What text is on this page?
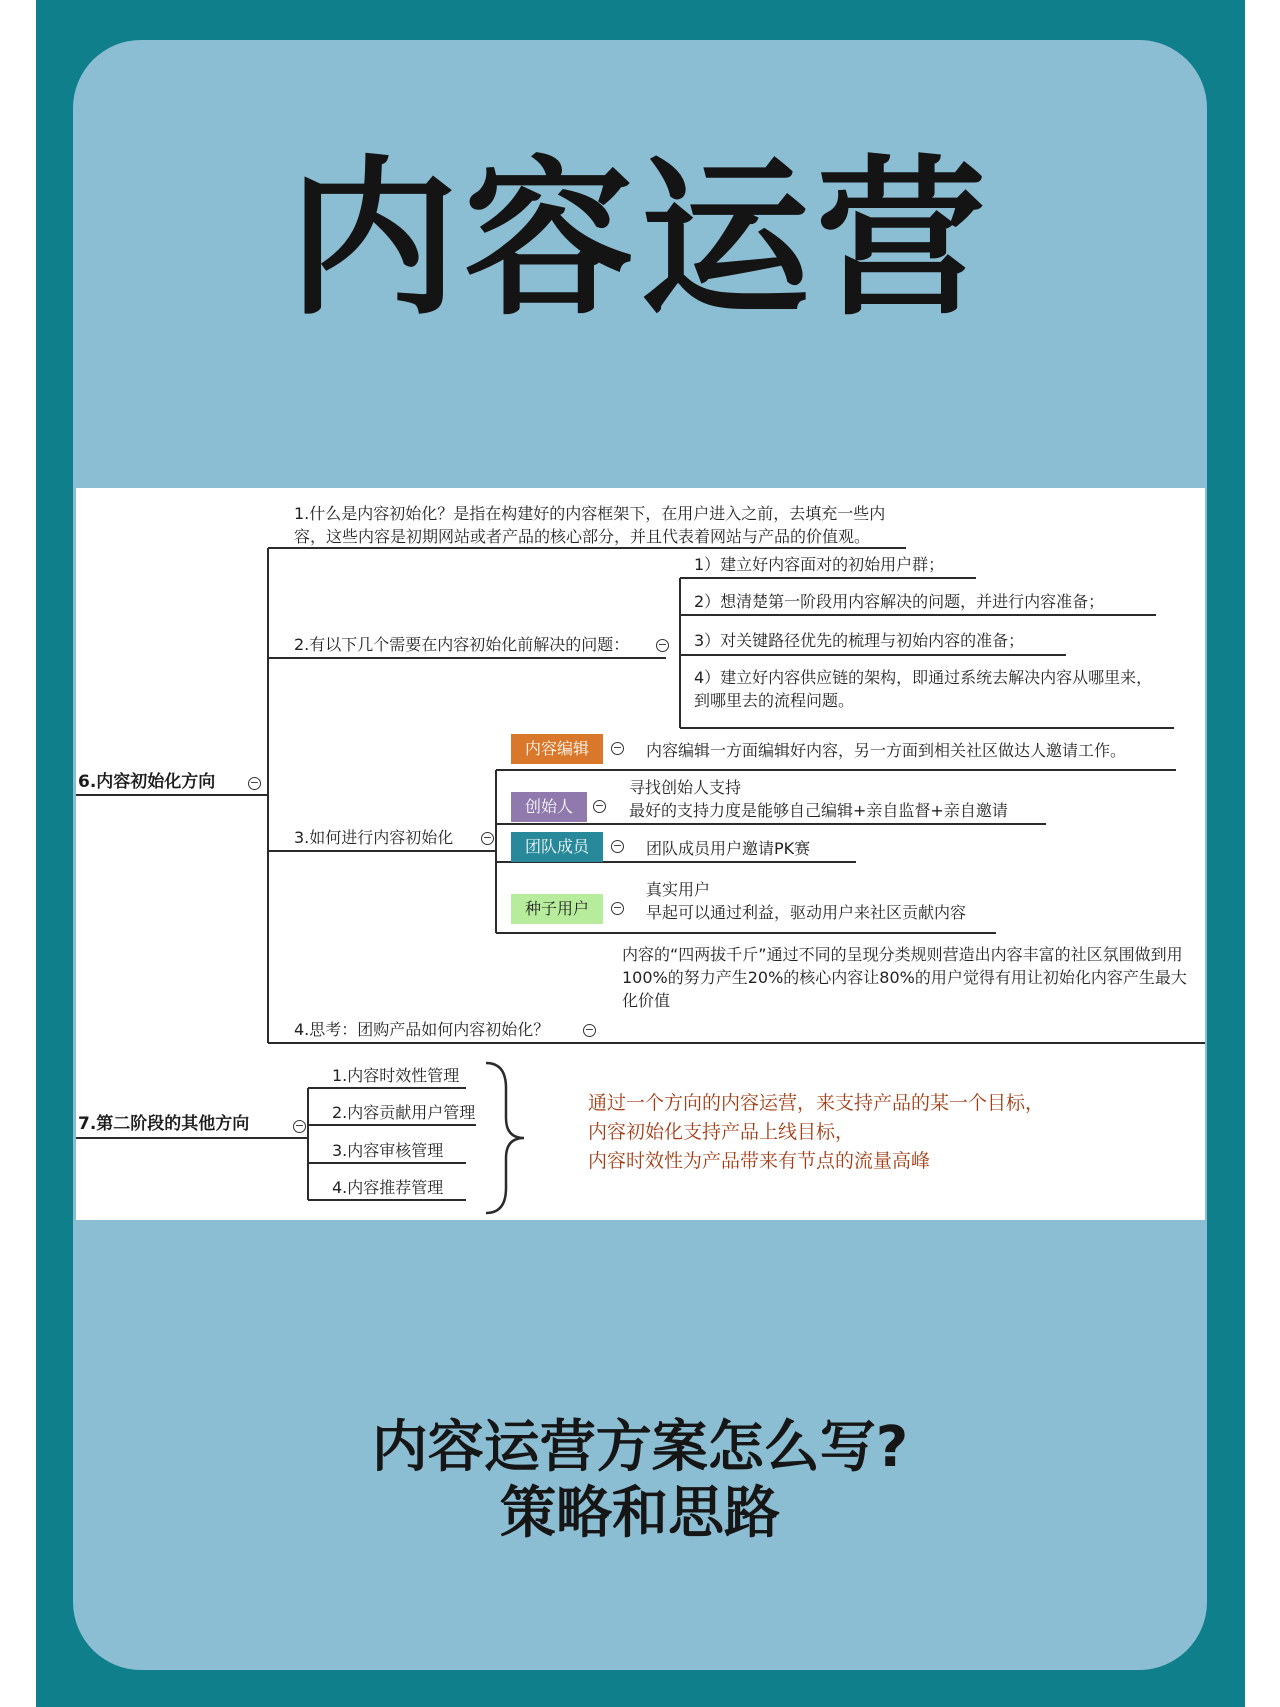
内容运营
6.内容初始化方向	−
1.什么是内容初始化？是指在构建好的内容框架下，在用户进入之前，去填充一些内容，这些内容是初期网站或者产品的核心部分，并且代表着网站与产品的价值观。
2.有以下几个需要在内容初始化前解决的问题：	−
1）建立好内容面对的初始用户群；
2）想清楚第一阶段用内容解决的问题，并进行内容准备；
3）对关键路径优先的梳理与初始内容的准备；
4）建立好内容供应链的架构，即通过系统去解决内容从哪里来，到哪里去的流程问题。
3.如何进行内容初始化	−
内容编辑	− 内容编辑一方面编辑好内容，另一方面到相关社区做达人邀请工作。
创始人	−
寻找创始人支持
最好的支持力度是能够自己编辑+亲自监督+亲自邀请
团队成员	− 团队成员用户邀请PK赛
种子用户	−
真实用户
早起可以通过利益，驱动用户来社区贡献内容
内容的“四两拔千斤”通过不同的呈现分类规则营造出内容丰富的社区氛围做到用100%的努力产生20%的核心内容让80%的用户觉得有用让初始化内容产生最大化价值
4.思考：团购产品如何内容初始化？	−
7.第二阶段的其他方向	−
1.内容时效性管理
2.内容贡献用户管理
3.内容审核管理
4.内容推荐管理
通过一个方向的内容运营，来支持产品的某一个目标，
内容初始化支持产品上线目标，
内容时效性为产品带来有节点的流量高峰
内容运营方案怎么写?
策略和思路
